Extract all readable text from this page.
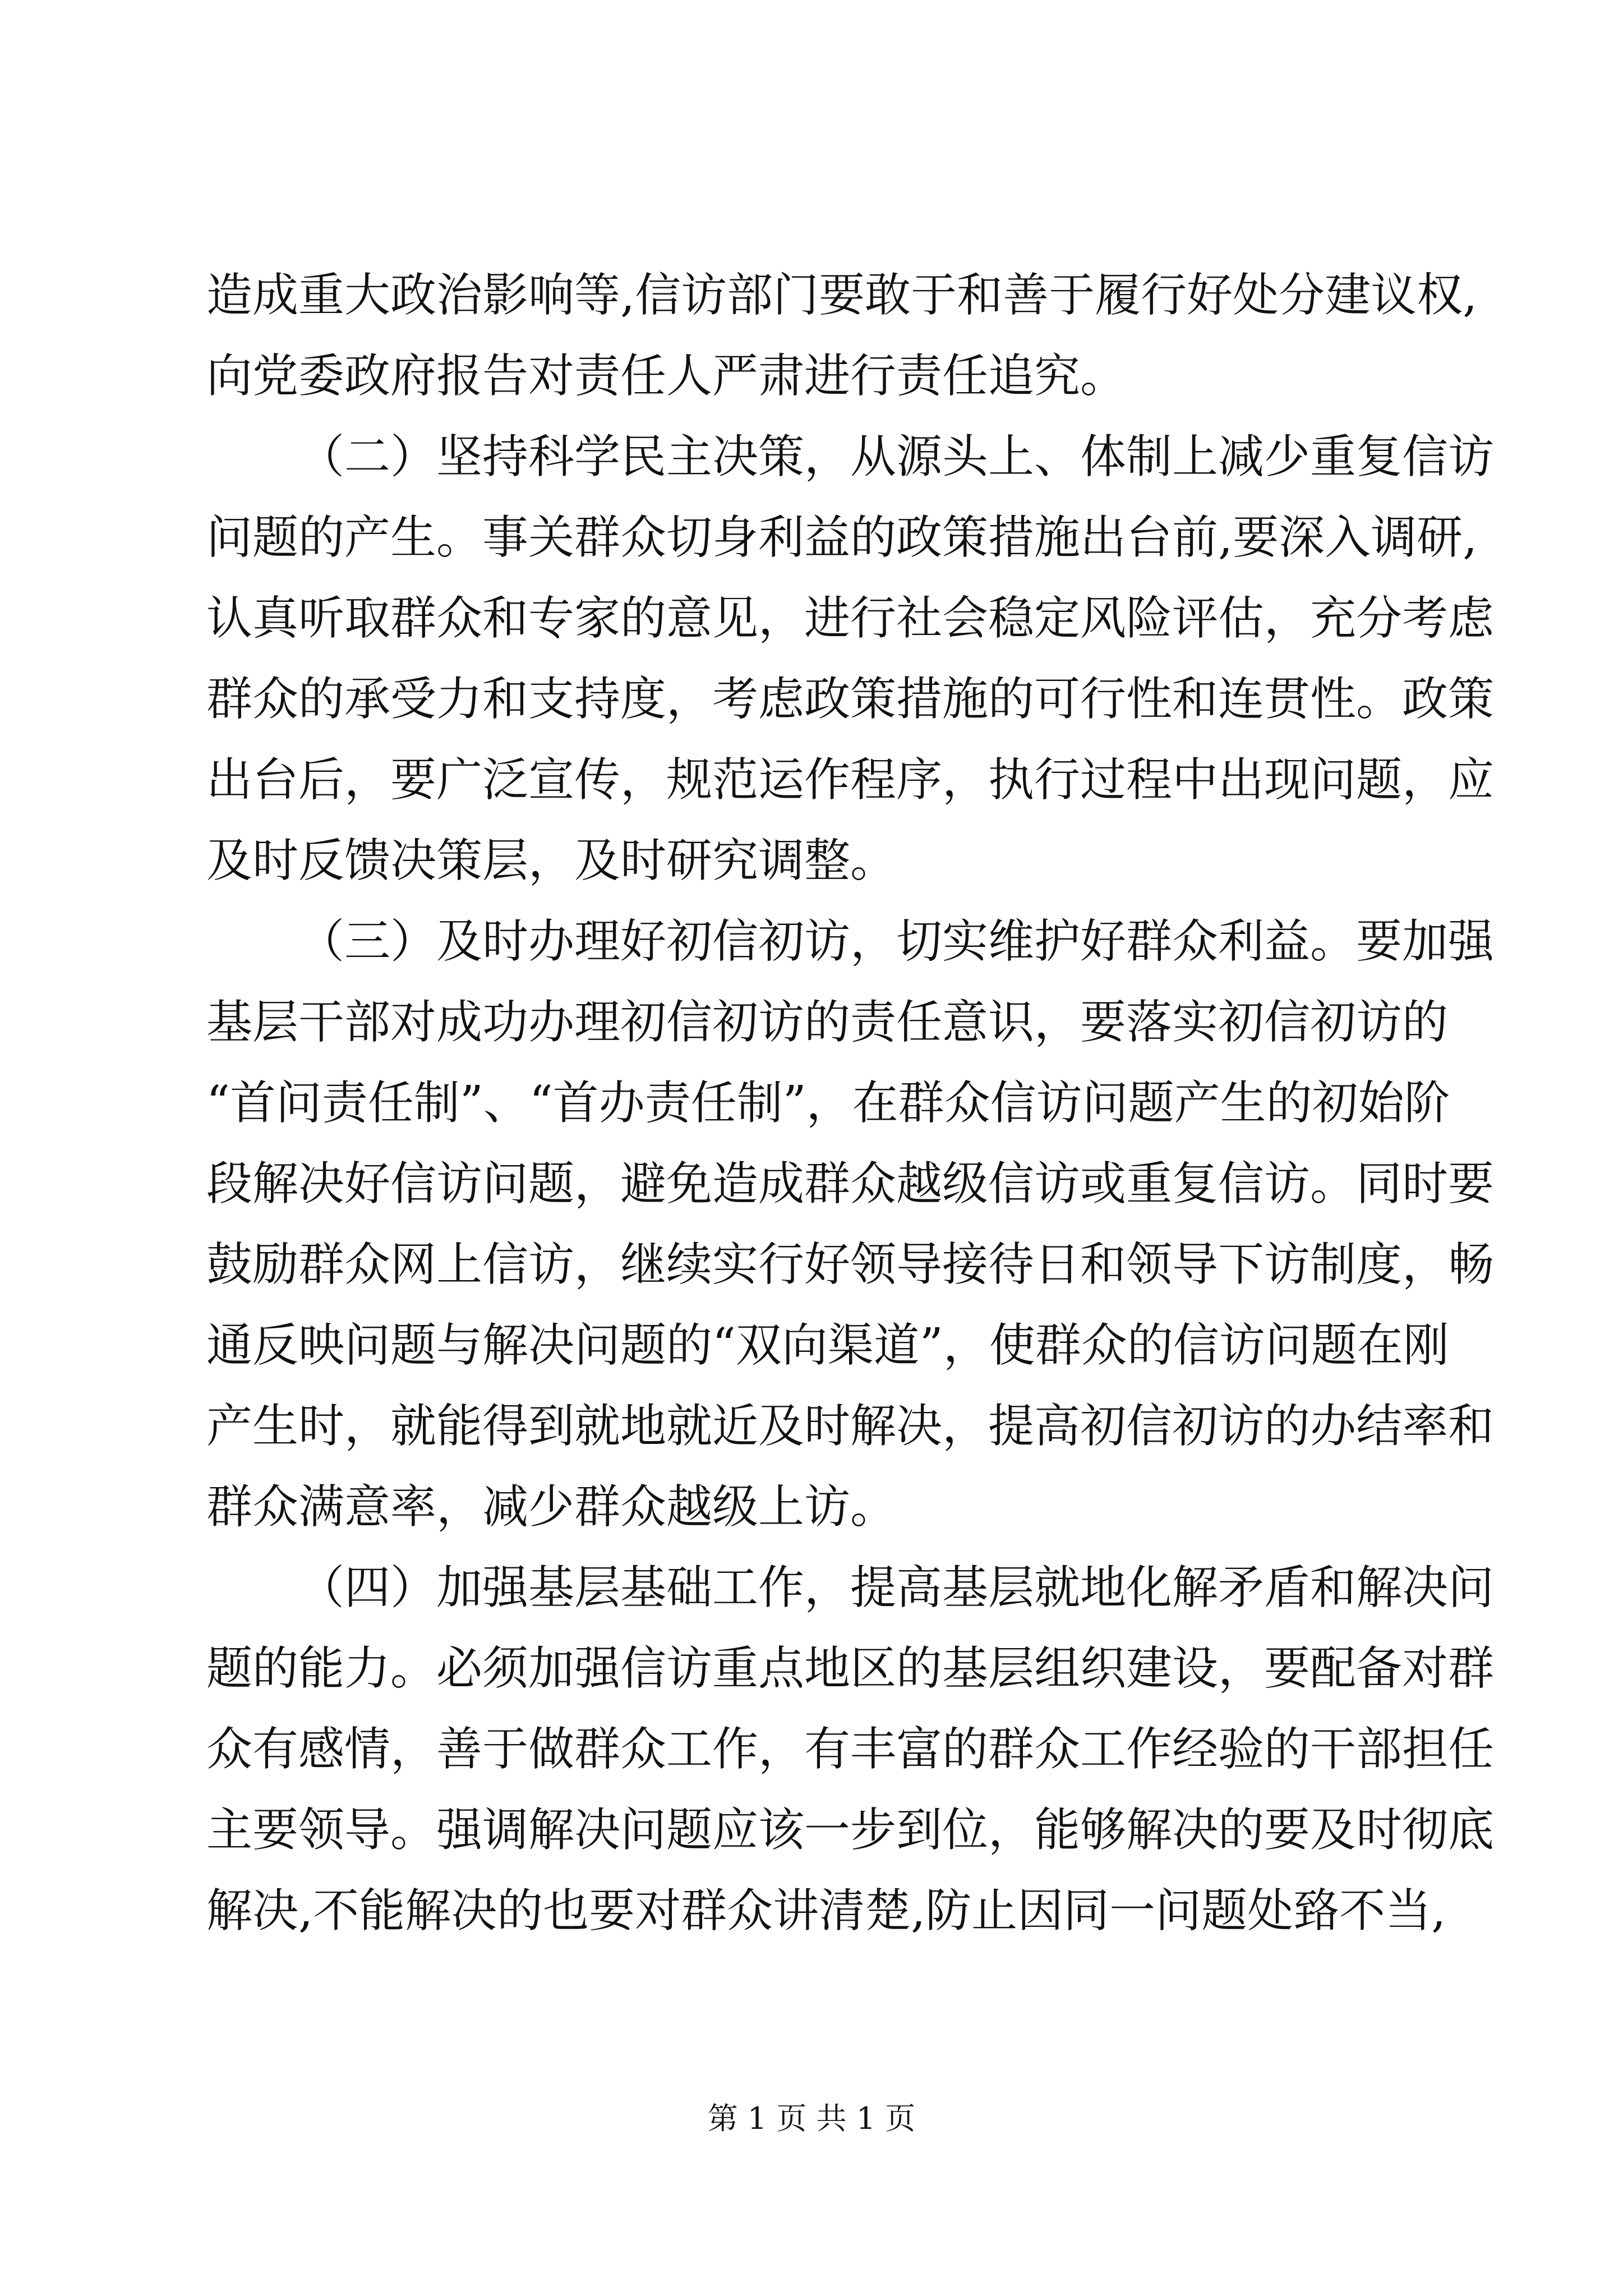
造成重大政治影响等,信访部门要敢于和善于履行好处分建议权,
向党委政府报告对责任人严肃进行责任追究。
（二）坚持科学民主决策，从源头上、体制上减少重复信访
问题的产生。事关群众切身利益的政策措施出台前,要深入调研,
认真听取群众和专家的意见，进行社会稳定风险评估，充分考虑
群众的承受力和支持度，考虑政策措施的可行性和连贯性。政策
出台后，要广泛宣传，规范运作程序，执行过程中出现问题，应
及时反馈决策层，及时研究调整。
（三）及时办理好初信初访，切实维护好群众利益。要加强
基层干部对成功办理初信初访的责任意识，要落实初信初访的
“首问责任制”、“首办责任制”，在群众信访问题产生的初始阶
段解决好信访问题，避免造成群众越级信访或重复信访。同时要
鼓励群众网上信访，继续实行好领导接待日和领导下访制度，畅
通反映问题与解决问题的“双向渠道”，使群众的信访问题在刚
产生时，就能得到就地就近及时解决，提高初信初访的办结率和
群众满意率，减少群众越级上访。
（四）加强基层基础工作，提高基层就地化解矛盾和解决问
题的能力。必须加强信访重点地区的基层组织建设，要配备对群
众有感情，善于做群众工作，有丰富的群众工作经验的干部担任
主要领导。强调解决问题应该一步到位，能够解决的要及时彻底
解决,不能解决的也要对群众讲清楚,防止因同一问题处臵不当,
第 1 页 共 1 页
